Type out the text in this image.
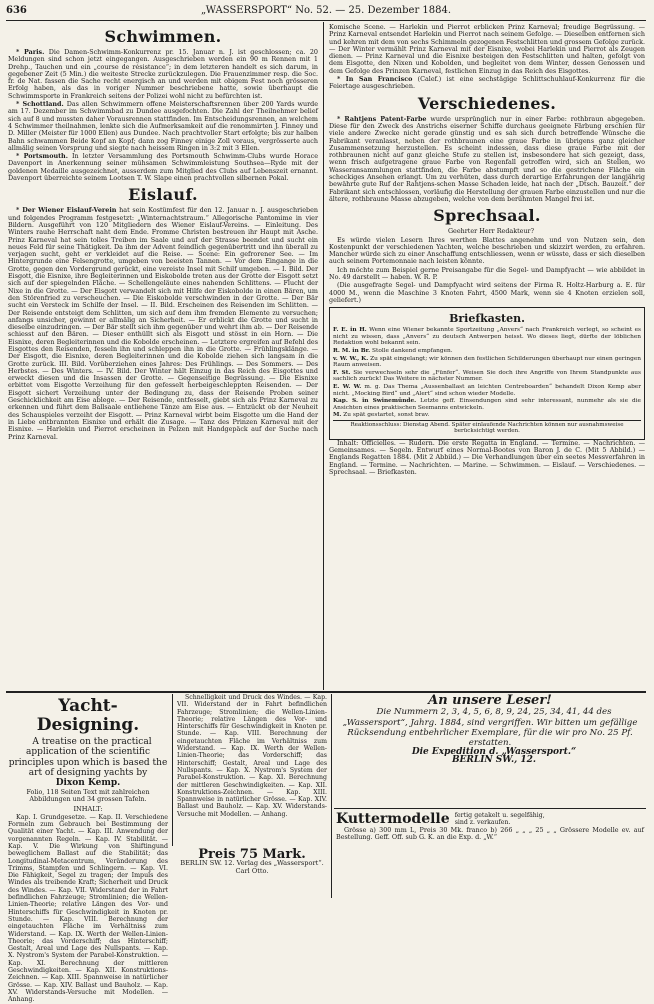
636	„WASSERSPORT“ No. 52. — 25. Dezember 1884.
Schwimmen.

* Paris. Die Damen-Schwimm-Konkurrenz pr. 15. Januar n. J. ist geschlossen; ca. 20 Meldungen sind schon jetzt eingegangen. Ausgeschrieben werden ein 90 m Rennen mit 1 Drehp., Tauchen und ein „course de résistance“; in dem letzteren handelt es sich darum, in gegebener Zeit (5 Min.) die weiteste Strecke zurückzulegen. Die Frauenzimmer resp. die Soc. fr. de Nat. fassen die Sache recht energisch an und werden mit obigem Fest noch grösseren Erfolg haben, als das in voriger Nummer beschriebene hatte, sowie überhaupt die Schwimmsporte in Frankreich seitens der Polizei wohl nicht zu befürchten ist.

* Schottland. Das allen Schwimmern offene Meisterschaftsrennen über 200 Yards wurde am 17. Dezember im Schwimmbad zu Dundee ausgefochten. Die Zahl der Theilnehmer belief sich auf 8 und mussten daher Vorausrennen stattfinden. Im Entscheidungsrennen, an welchem 4 Schwimmer theilnahmen, lenkte sich die Aufmerksamkeit auf die renommirten J. Finney und D. Miller (Meister für 1000 Ellen) aus Dundee. Nach prachtvoller Start erfolgte; bis zur halben Bahn schwammen Beide Kopf an Kopf; dann zog Finney einige Zoll voraus, vergrösserte auch allmälig seinen Vorsprung und siegte nach heissem Ringen in 3:2 mit 3 Ellen.

* Portsmouth. In letzter Versammlung des Portsmouth Schwimm-Clubs wurde Horace Davenport in Anerkennung seiner mühsamen Schwimmleistung Southsea—Ryde mit der goldenen Medaille ausgezeichnet, ausserdem zum Mitglied des Clubs auf Lebenszeit ernannt. Davenport überreichte seinem Lootsen T. W. Slape einen prachtvollen silbernen Pokal.

Eislauf.

* Der Wiener Eislauf-Verein hat sein Kostümfest für den 12. Januar n. J. ausgeschrieben und folgendes Programm festgesetzt: „Winternachtstraum.“ Allegorische Pantomime in vier Bildern. Ausgeführt von 120 Mitgliedern des Wiener Eislauf-Vereins. — Einleitung. Des Winters rauhe Herrschaft naht dem Ende. Fromme Christen bestreuen ihr Haupt mit Asche. Prinz Karneval hat sein tolles Treiben im Saale und auf der Strasse beendet und sucht ein neues Feld für seine Thätigkeit. Da ihm der Advent feindlich gegenübertritt und ihn überall zu verjagen sucht, geht er verkleidet auf die Reise. — Scene: Ein gefrorener See. — Im Hintergrunde eine Felsengrotte, umgeben von beeisten Tannen. — Vor dem Eingange in die Grotte, gegen den Vordergrund gerückt, eine vereiste Insel mit Schilf umgeben. — I. Bild. Der Eisgott, die Eisnixe, ihre Begleiterinnen und Eiskobolde treten aus der Grotte der Eisgott setzt sich auf der spiegelnden Fläche. — Schellengeläute eines nahenden Schlittens. — Flucht der Nixe in die Grotte. — Der Eisgott verwandelt sich mit Hilfe der Eiskobolde in einen Bären, um den Störenfried zu verscheuchen. — Die Eiskobolde verschwinden in der Grotte. — Der Bär sucht ein Versteck im Schilfe der Insel. — II. Bild. Erscheinen des Reisenden im Schlitten. — Der Reisende entsteigt dem Schlitten, um sich auf dem ihm fremden Elemente zu versuchen; anfangs unsicher, gewinnt er allmälig an Sicherheit. — Er erblickt die Grotte und sucht in dieselbe einzudringen. — Der Bär stellt sich ihm gegenüber und wehrt ihm ab. — Der Reisende schiesst auf den Bären. — Dieser enthüllt sich als Eisgott und stösst in ein Horn. — Die Eisnixe, deren Begleiterinnen und die Kobolde erscheinen. — Letztere ergreifen auf Befehl des Eisgottes den Reisenden, fesseln ihn und schleppen ihn in die Grotte. — Frühlingsklänge. — Der Eisgott, die Eisnixe, deren Begleiterinnen und die Kobolde ziehen sich langsam in die Grotte zurück. III. Bild. Vorüberziehen eines Jahres: Des Frühlings. — Des Sommers. — Des Herbstes. — Des Winters. — IV. Bild. Der Winter hält Einzug in das Reich des Eisgottes und erweckt diesen und die Insassen der Grotte. — Gegenseitige Begrüssung. — Die Eisnixe erbittet vom Eisgotte Verzeihung für den gefesselt herbeigeschleppten Reisenden. — Der Eisgott sichert Verzeihung unter der Bedingung zu, dass der Reisende Proben seiner Geschicklichkeit am Eise ablege. — Der Reisende, entfesselt, giebt sich als Prinz Karneval zu erkennen und führt dem Ballsaale entliehene Tänze am Eise aus. — Entzückt ob der Neuheit des Schauspieles verzeiht der Eisgott. — Prinz Karneval wirbt beim Eisgotte um die Hand der in Liebe entbrannten Eisnixe und erhält die Zusage. — Tanz des Prinzen Karneval mit der Eisnixe. — Harlekin und Pierrot erscheinen in Pelzen mit Handgepäck auf der Suche nach Prinz Karneval.

Komische Scene. — Harlekin und Pierrot erblicken Prinz Karneval; freudige Begrüssung. — Prinz Karneval entsendet Harlekin und Pierrot nach seinem Gefolge. — Dieselben entfernen sich und kehren mit dem von sechs Schimmeln gezogenen Festschlitten und grossem Gefolge zurück. — Der Winter vermählt Prinz Karneval mit der Eisnixe, wobei Harlekin und Pierrot als Zeugen dienen. — Prinz Karneval und die Eisnixe besteigen den Festschlitten und halten, gefolgt von dem Eisgotte, den Nixen und Kobolden, und begleitet von dem Winter, dessen Genossen und dem Gefolge des Prinzen Karneval, festlichen Einzug in das Reich des Eisgottes.

* In San Francisco (Calef.) ist eine sechstägige Schlittschuhlauf-Konkurrenz für die Feiertage ausgeschrieben.

Verschiedenes.

* Rahtjens Patent-Farbe wurde ursprünglich nur in einer Farbe: rothbraun abgegeben. Diese für den Zweck des Anstrichs eiserner Schiffe durchaus geeignete Färbung erschien für viele andere Zwecke nicht gerade günstig und es sah sich durch betreffende Wünsche die Fabrikant veranlasst, neben der rothbraunen eine graue Farbe in übrigens ganz gleicher Zusammensetzung herzustellen. Es scheint indessen, dass diese graue Farbe mit der rothbraunen nicht auf ganz gleiche Stufe zu stellen ist, insbesondere hat sich gezeigt, dass, wenn frisch aufgetragene graue Farbe von Regenfall getroffen wird, sich an Stellen, wo Wasseransammlungen stattfinden, die Farbe abstumpft und so die gestrichene Fläche ein scheckiges Ansehen erlangt. Um zu verhüten, dass durch derartige Erfahrungen der langjährig bewährte gute Ruf der Rahtjens-schen Masse Schaden leide, hat nach der „Dtsch. Bauzeit.“ der Fabrikant sich entschlossen, vorläufig die Herstellung der grauen Farbe einzustellen und nur die ältere, rothbraune Masse abzugeben, welche von dem berühmten Mangel frei ist.

Sprechsaal.

Geehrter Herr Redakteur?

Es würde vielen Lesern Ihres werthen Blattes angenehm und von Nutzen sein, den Kostenpunkt der verschiedenen Yachten, welche beschrieben und skizzirt werden, zu erfahren. Mancher würde sich zu einer Anschaffung entschliessen, wenn er wüsste, dass er sich dieselben auch seinem Portemonnaie nach leisten könnte.

Ich möchte zum Beispiel gerne Preisangabe für die Segel- und Dampfyacht — wie abbildet in No. 49 darstellt — haben. W. R. P.

(Die ausgefragte Segel- und Dampfyacht wird seitens der Firma R. Holtz-Harburg a. E. für 4000 M., wenn die Maschine 3 Knoten Fahrt, 4500 Mark, wenn sie 4 Knoten erzielen soll, geliefert.)

Briefkasten.
F. E. in H. Wenn eine Wiener bekannte Sportzeitung „Anvers“ nach Frankreich verlegt, so scheint es nicht zu wissen, dass „Anvers“ zu deutsch Antwerpen heisst. Wo dieses liegt, dürfte der löblichen Redaktion wohl bekannt sein.
R. M. in Br. Stolle dankend empfangen.
v. W. W., K. Zu spät eingelangt; wir können den festlichen Schilderungen überhaupt nur einen geringen Raum anweisen.
F. St. Sie verwechseln sehr die „Fünfer“. Weisen Sie doch ihre Angriffe von Ihrem Standpunkte aus sachlich zurück! Das Weitere in nächster Nummer.
E. W. W. m. g. Das Thema „Aussenballast an leichten Centreboarden“ behandelt Dixon Kemp aber nicht. „Mocking Bird“ und „Alert“ sind schon wieder Modelle.
Kap. S. in Swinemünde. Letzte geff. Einsendungen sind sehr interessant, nunmehr als sie die Ansichten eines praktischen Seemanns entwickeln.
M. Zu spät gestartet, sonst brav.
Reaktionsschluss: Dienstag Abend. Später einlaufende Nachrichten können nur ausnahmsweise berücksichtigt werden.

Inhalt: Officielles. — Rudern. Die erste Regatta in England. — Termine. — Nachrichten. — Gemeinsames. — Segeln. Entwurf eines Normal-Bootes von Baron J. de C. (Mit 5 Abbild.) — Englands Regatten 1884. (Mit 2 Abbild.) — Die Verhandlungen über ein seetes Messverfahren in England. — Termine. — Nachrichten. — Marine. — Schwimmen. — Eislauf. — Verschiedenes. — Sprechsaal. — Briefkasten.

Yacht-Designing.

A treatise on the practical application of the scientific principles upon which is based the art of designing yachts by

Dixon Kemp.
Folio, 118 Seiten Text mit zahlreichen Abbildungen und 34 grossen Tafeln.
INHALT:

Kap. I. Grundgesetze. — Kap. II. Verschiedene Formeln zum Gebrauch bei Bestimmung der Qualität einer Yacht. — Kap. III. Anwendung der vorgenannten Regeln. — Kap. IV. Stabilität. — Kap. V. Die Wirkung von Shiftingund beweglichem Ballast auf die Stabilität; das Longitudinal-Metacentrum, Veränderung des Trimms, Stampfen und Schlingern. — Kap. VI. Die Fähigkeit, Segel zu tragen; der Impuls des Windes als treibende Kraft; Sicherheit und Druck des Windes. — Kap. VII. Widerstand der in Fahrt befindlichen Fahrzeuge; Stromlinien; die Wellen-Linien-Theorie; relative Längen des Vor- und Hinterschiffs für Geschwindigkeit in Knoten pr. Stunde. — Kap. VIII. Berechnung der eingetauchten Fläche im Verhältniss zum Widerstand. — Kap. IX. Werth der Wellen-Linien-Theorie; das Vorderschiff; das Hinterschiff; Gestalt, Areal und Lage des Nullspants. — Kap. X. Nystrom's System der Parabel-Konstruktion. — Kap. XI. Berechnung der mittleren Geschwindigkeiten. — Kap. XII. Konstruktions-Zeichnen. — Kap. XIII. Spannweise in natürlicher Grösse. — Kap. XIV. Ballast und Bauholz. — Kap. XV. Widerstands-Versuche mit Modellen. — Anhang.

Schnelligkeit und Druck des Windes. — Kap. VII. Widerstand der in Fahrt befindlichen Fahrzeuge; Stromlinien; die Wellen-Linien-Theorie; relative Längen des Vor- und Hinterschiffs für Geschwindigkeit in Knoten pr. Stunde. — Kap. VIII. Berechnung der eingetauchten Fläche im Verhältniss zum Widerstand. — Kap. IX. Werth der Wellen-Linien-Theorie; das Vorderschiff; das Hinterschiff; Gestalt, Areal und Lage des Nullspants. — Kap. X. Nystrom's System der Parabel-Konstruktion. — Kap. XI. Berechnung der mittleren Geschwindigkeiten. — Kap. XII. Konstruktions-Zeichnen. — Kap. XIII. Spannweise in natürlicher Grösse. — Kap. XIV. Ballast und Bauholz. — Kap. XV. Widerstands-Versuche mit Modellen. — Anhang.

Preis 75 Mark.
BERLIN SW. 12. Verlag des „Wassersport“. Carl Otto.
An unsere Leser!

Die Nummern 2, 3, 4, 5, 6, 8, 9, 24, 25, 34, 41, 44 des „Wassersport“, Jahrg. 1884, sind vergriffen. Wir bitten um gefällige Rücksendung entbehrlicher Exemplare, für die wir pro No. 25 Pf. erstatten.

Die Expedition d. „Wassersport.“

BERLIN SW., 12.

Kuttermodelle fertig getakelt u. segelfähig, sind z. verkaufen.

Grösse a) 300 mm L, Preis 30 Mk. franco b) 266 „ „ „ 25 „ „ Grössere Modelle ev. auf Bestellung. Geff. Off. sub G. K. an die Exp. d. „W.“
